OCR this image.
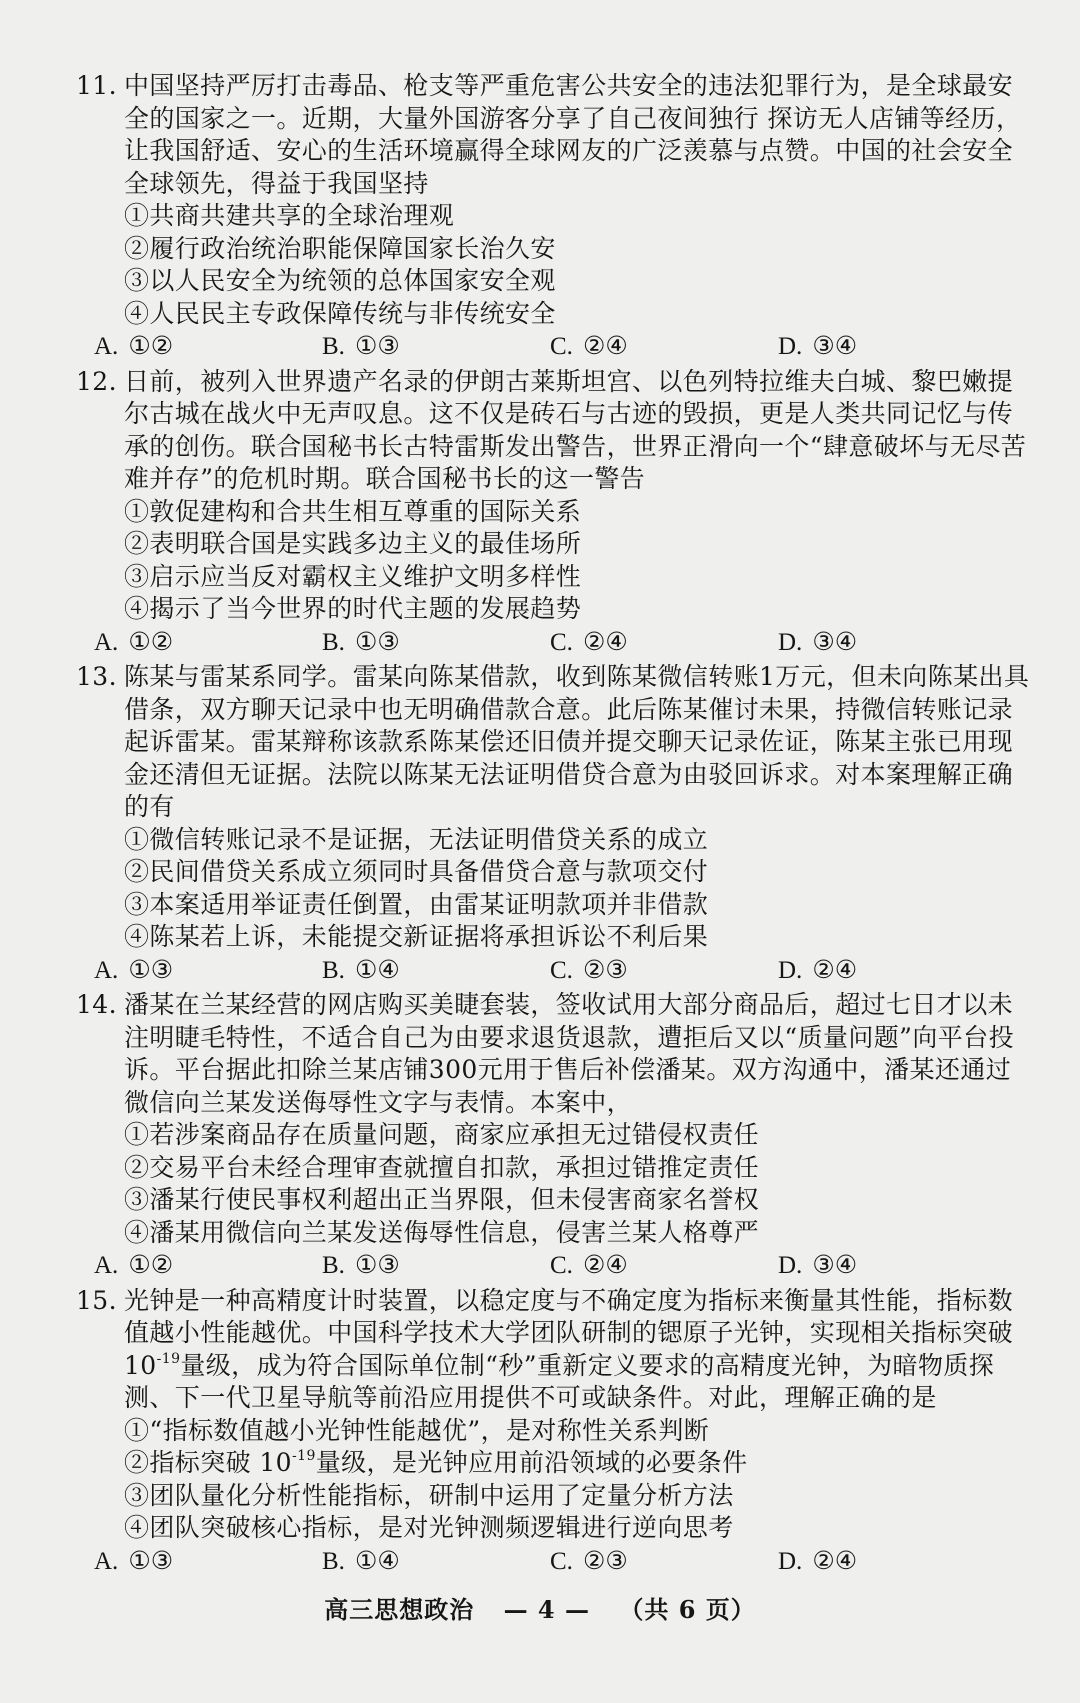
11. 中国坚持严厉打击毒品、枪支等严重危害公共安全的违法犯罪行为，是全球最安全的国家之一。近期，大量外国游客分享了自己夜间独行 探访无人店铺等经历，让我国舒适、安心的生活环境赢得全球网友的广泛羡慕与点赞。中国的社会安全全球领先，得益于我国坚持
①共商共建共享的全球治理观
②履行政治统治职能保障国家长治久安
③以人民安全为统领的总体国家安全观
④人民民主专政保障传统与非传统安全
A. ①②	B. ①③	C. ②④	D. ③④
12. 日前，被列入世界遗产名录的伊朗古莱斯坦宫、以色列特拉维夫白城、黎巴嫩提尔古城在战火中无声叹息。这不仅是砖石与古迹的毁损，更是人类共同记忆与传承的创伤。联合国秘书长古特雷斯发出警告，世界正滑向一个“肆意破坏与无尽苦难并存”的危机时期。联合国秘书长的这一警告
①敦促建构和合共生相互尊重的国际关系
②表明联合国是实践多边主义的最佳场所
③启示应当反对霸权主义维护文明多样性
④揭示了当今世界的时代主题的发展趋势
A. ①②	B. ①③	C. ②④	D. ③④
13. 陈某与雷某系同学。雷某向陈某借款，收到陈某微信转账1万元，但未向陈某出具借条，双方聊天记录中也无明确借款合意。此后陈某催讨未果，持微信转账记录起诉雷某。雷某辩称该款系陈某偿还旧债并提交聊天记录佐证，陈某主张已用现金还清但无证据。法院以陈某无法证明借贷合意为由驳回诉求。对本案理解正确的有
①微信转账记录不是证据，无法证明借贷关系的成立
②民间借贷关系成立须同时具备借贷合意与款项交付
③本案适用举证责任倒置，由雷某证明款项并非借款
④陈某若上诉，未能提交新证据将承担诉讼不利后果
A. ①③	B. ①④	C. ②③	D. ②④
14. 潘某在兰某经营的网店购买美睫套装，签收试用大部分商品后，超过七日才以未注明睫毛特性，不适合自己为由要求退货退款，遭拒后又以“质量问题”向平台投诉。平台据此扣除兰某店铺300元用于售后补偿潘某。双方沟通中，潘某还通过微信向兰某发送侮辱性文字与表情。本案中，
①若涉案商品存在质量问题，商家应承担无过错侵权责任
②交易平台未经合理审查就擅自扣款，承担过错推定责任
③潘某行使民事权利超出正当界限，但未侵害商家名誉权
④潘某用微信向兰某发送侮辱性信息，侵害兰某人格尊严
A. ①②	B. ①③	C. ②④	D. ③④
15. 光钟是一种高精度计时装置，以稳定度与不确定度为指标来衡量其性能，指标数值越小性能越优。中国科学技术大学团队研制的锶原子光钟，实现相关指标突破$10^{-19}$量级，成为符合国际单位制“秒”重新定义要求的高精度光钟，为暗物质探测、下一代卫星导航等前沿应用提供不可或缺条件。对此，理解正确的是
①“指标数值越小光钟性能越优”，是对称性关系判断
②指标突破 $10^{-19}$量级，是光钟应用前沿领域的必要条件
③团队量化分析性能指标，研制中运用了定量分析方法
④团队突破核心指标，是对光钟测频逻辑进行逆向思考
A. ①③	B. ①④	C. ②③	D. ②④
高三思想政治 — 4 — （共 6 页）
